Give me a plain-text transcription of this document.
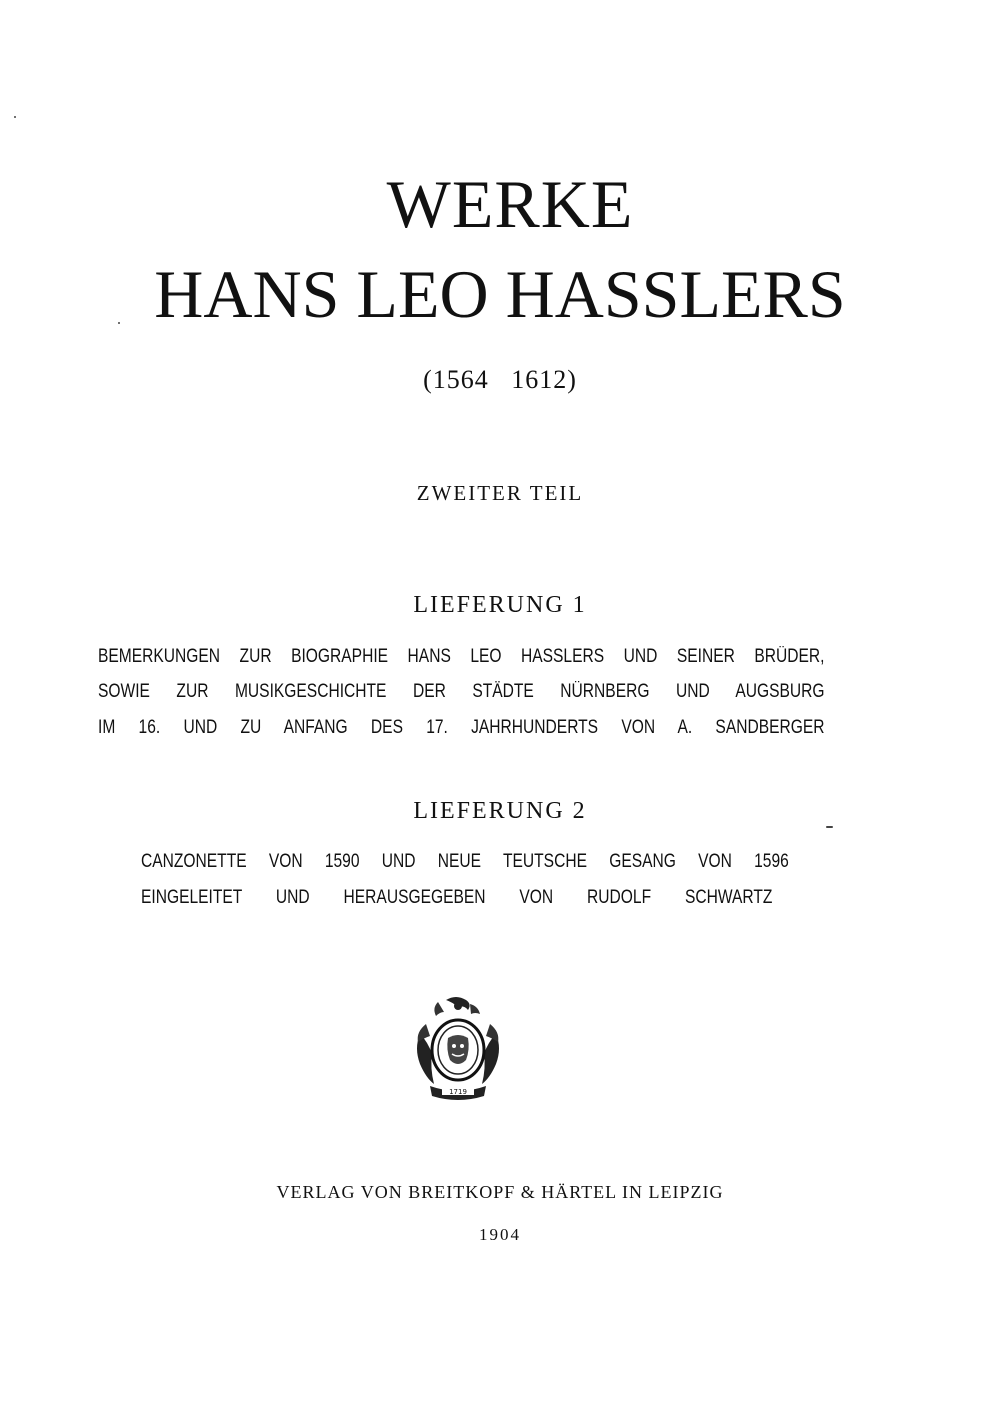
WERKE
HANS LEO HASSLERS
(1564   1612)
ZWEITER TEIL
LIEFERUNG 1
BEMERKUNGEN ZUR BIOGRAPHIE HANS LEO HASSLERS UND SEINER BRÜDER,
SOWIE ZUR MUSIKGESCHICHTE DER STÄDTE NÜRNBERG UND AUGSBURG
IM 16. UND ZU ANFANG DES 17. JAHRHUNDERTS VON A. SANDBERGER
LIEFERUNG 2
CANZONETTE VON 1590 UND NEUE TEUTSCHE GESANG VON 1596
EINGELEITET UND HERAUSGEGEBEN VON RUDOLF SCHWARTZ
1719
VERLAG VON BREITKOPF & HÄRTEL IN LEIPZIG
1904
